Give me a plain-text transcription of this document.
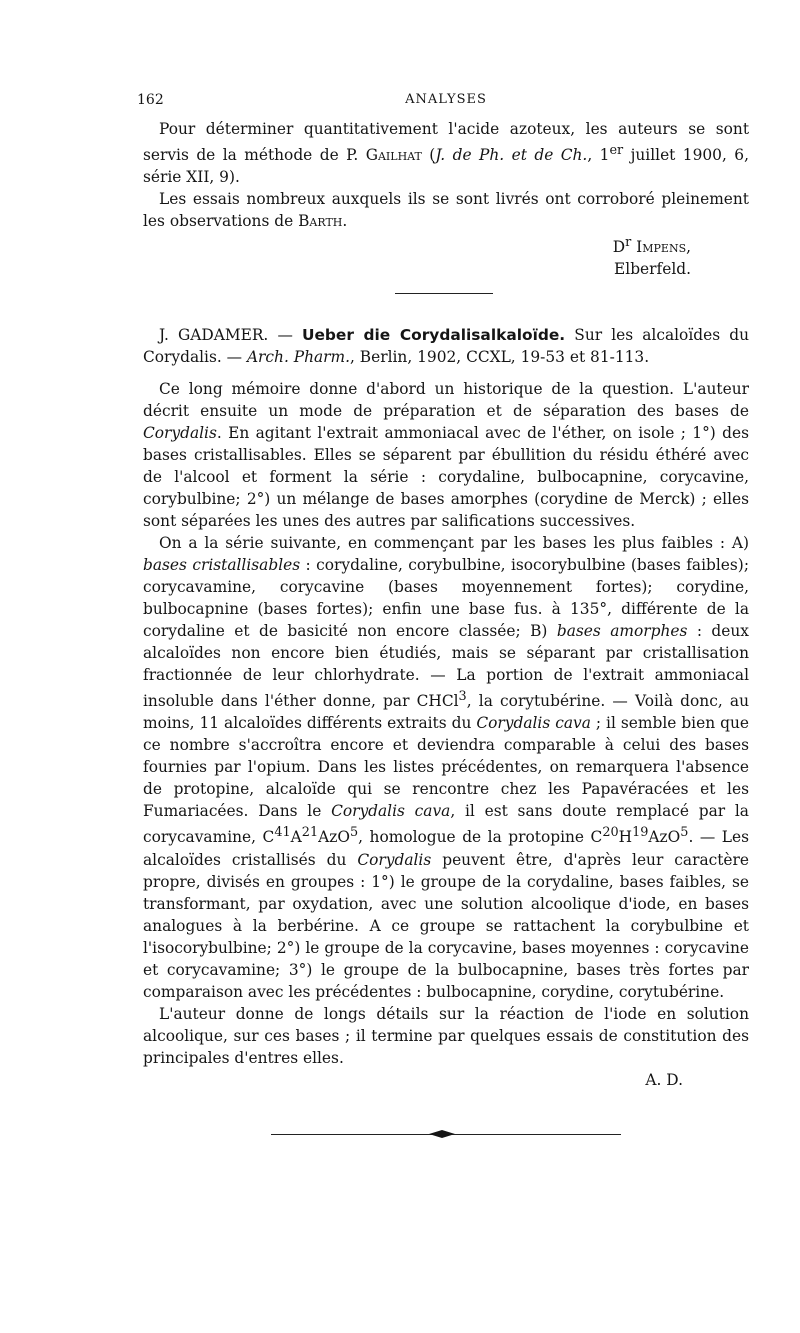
162	ANALYSES

Pour déterminer quantitativement l'acide azoteux, les auteurs se sont servis de la méthode de P. Gailhat (J. de Ph. et de Ch., 1er juillet 1900, 6, série XII, 9).

Les essais nombreux auxquels ils se sont livrés ont corroboré pleinement les observations de Barth.

$D^r$ Impens,
Elberfeld.

J. GADAMER. — Ueber die Corydalisalkaloïde. Sur les alcaloïdes du Corydalis. — Arch. Pharm., Berlin, 1902, CCXL, 19-53 et 81-113.

Ce long mémoire donne d'abord un historique de la question. L'auteur décrit ensuite un mode de préparation et de séparation des bases de Corydalis. En agitant l'extrait ammoniacal avec de l'éther, on isole ; 1°) des bases cristallisables. Elles se séparent par ébullition du résidu éthéré avec de l'alcool et forment la série : corydaline, bulbocapnine, corycavine, corybulbine; 2°) un mélange de bases amorphes (corydine de Merck) ; elles sont séparées les unes des autres par salifications successives.

On a la série suivante, en commençant par les bases les plus faibles : A) bases cristallisables : corydaline, corybulbine, isocorybulbine (bases faibles); corycavamine, corycavine (bases moyennement fortes); corydine, bulbocapnine (bases fortes); enfin une base fus. à 135°, différente de la corydaline et de basicité non encore classée; B) bases amorphes : deux alcaloïdes non encore bien étudiés, mais se séparant par cristallisation fractionnée de leur chlorhydrate. — La portion de l'extrait ammoniacal insoluble dans l'éther donne, par CHCl$^3$, la corytubérine. — Voilà donc, au moins, 11 alcaloïdes différents extraits du Corydalis cava ; il semble bien que ce nombre s'accroîtra encore et deviendra comparable à celui des bases fournies par l'opium. Dans les listes précédentes, on remarquera l'absence de protopine, alcaloïde qui se rencontre chez les Papavéracées et les Fumariacées. Dans le Corydalis cava, il est sans doute remplacé par la corycavamine, $C^{41}A^{21}AzO^5$, homologue de la protopine $C^{20}H^{19}AzO^5$. — Les alcaloïdes cristallisés du Corydalis peuvent être, d'après leur caractère propre, divisés en groupes : 1°) le groupe de la corydaline, bases faibles, se transformant, par oxydation, avec une solution alcoolique d'iode, en bases analogues à la berbérine. A ce groupe se rattachent la corybulbine et l'isocorybulbine; 2°) le groupe de la corycavine, bases moyennes : corycavine et corycavamine; 3°) le groupe de la bulbocapnine, bases très fortes par comparaison avec les précédentes : bulbocapnine, corydine, corytubérine.

L'auteur donne de longs détails sur la réaction de l'iode en solution alcoolique, sur ces bases ; il termine par quelques essais de constitution des principales d'entres elles.

A. D.
